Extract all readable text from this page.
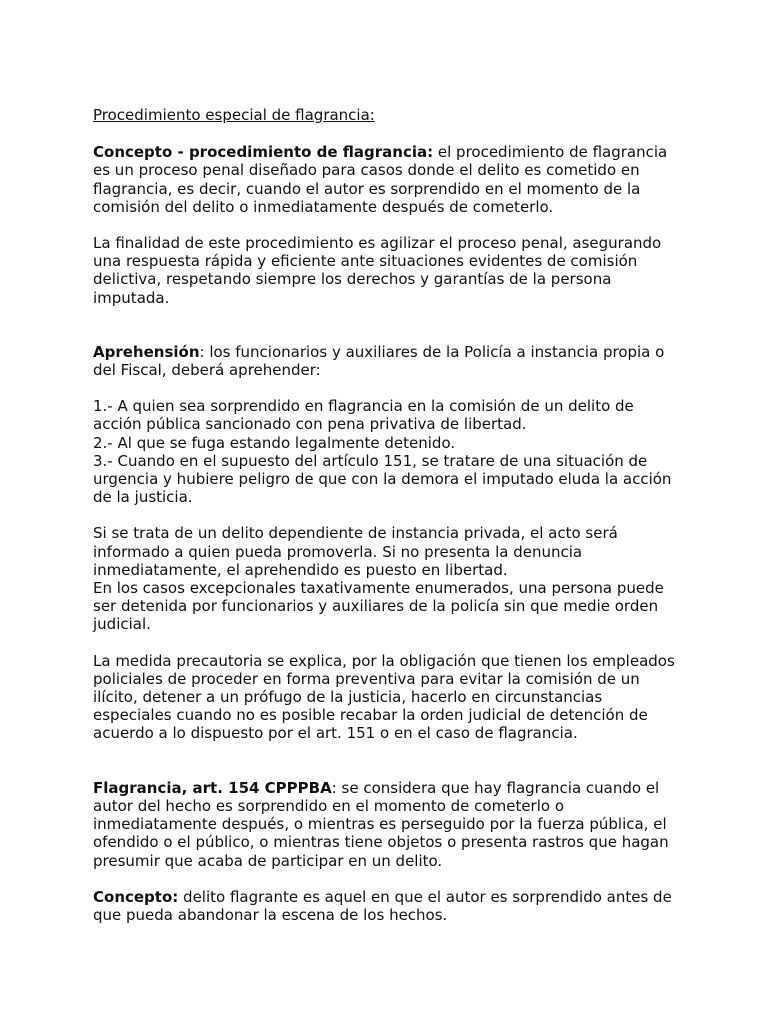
Procedimiento especial de flagrancia:

Concepto - procedimiento de flagrancia: el procedimiento de flagrancia es un proceso penal diseñado para casos donde el delito es cometido en flagrancia, es decir, cuando el autor es sorprendido en el momento de la comisión del delito o inmediatamente después de cometerlo.

La finalidad de este procedimiento es agilizar el proceso penal, asegurando una respuesta rápida y eficiente ante situaciones evidentes de comisión delictiva, respetando siempre los derechos y garantías de la persona imputada.

Aprehensión: los funcionarios y auxiliares de la Policía a instancia propia o del Fiscal, deberá aprehender:

1.- A quien sea sorprendido en flagrancia en la comisión de un delito de acción pública sancionado con pena privativa de libertad.
2.- Al que se fuga estando legalmente detenido.
3.- Cuando en el supuesto del artículo 151, se tratare de una situación de urgencia y hubiere peligro de que con la demora el imputado eluda la acción de la justicia.

Si se trata de un delito dependiente de instancia privada, el acto será informado a quien pueda promoverla. Si no presenta la denuncia inmediatamente, el aprehendido es puesto en libertad.

En los casos excepcionales taxativamente enumerados, una persona puede ser detenida por funcionarios y auxiliares de la policía sin que medie orden judicial.

La medida precautoria se explica, por la obligación que tienen los empleados policiales de proceder en forma preventiva para evitar la comisión de un ilícito, detener a un prófugo de la justicia, hacerlo en circunstancias especiales cuando no es posible recabar la orden judicial de detención de acuerdo a lo dispuesto por el art. 151 o en el caso de flagrancia.

Flagrancia, art. 154 CPPPBA: se considera que hay flagrancia cuando el autor del hecho es sorprendido en el momento de cometerlo o inmediatamente después, o mientras es perseguido por la fuerza pública, el ofendido o el público, o mientras tiene objetos o presenta rastros que hagan presumir que acaba de participar en un delito.

Concepto: delito flagrante es aquel en que el autor es sorprendido antes de que pueda abandonar la escena de los hechos.
